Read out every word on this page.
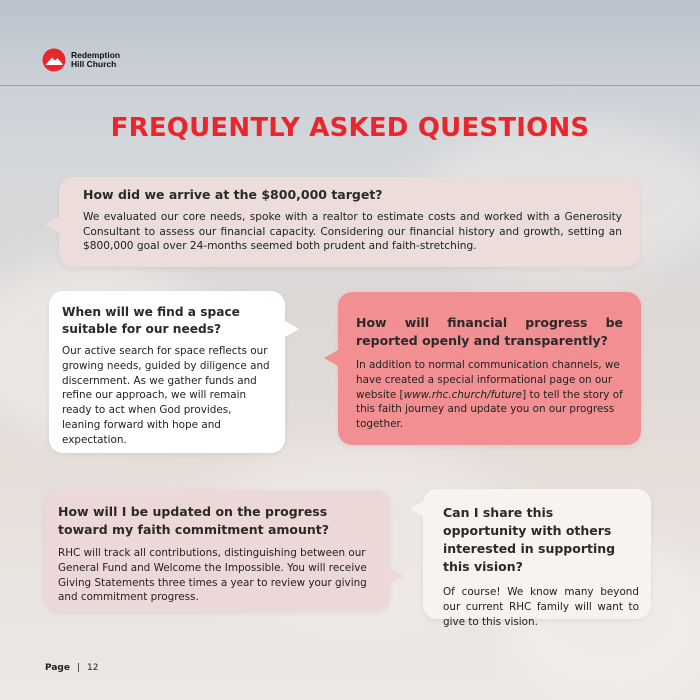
Redemption
Hill Church
FREQUENTLY ASKED QUESTIONS
How did we arrive at the $800,000 target?

We evaluated our core needs, spoke with a realtor to estimate costs and worked with a Generosity Consultant to assess our financial capacity. Considering our financial history and growth, setting an $800,000 goal over 24-months seemed both prudent and faith-stretching.

When will we find a space suitable for our needs?

Our active search for space reflects our growing needs, guided by diligence and discernment. As we gather funds and refine our approach, we will remain ready to act when God provides, leaning forward with hope and expectation.

How will financial progress be reported openly and transparently?

In addition to normal communication channels, we have created a special informational page on our website [www.rhc.church/future] to tell the story of this faith journey and update you on our progress together.

How will I be updated on the progress toward my faith commitment amount?

RHC will track all contributions, distinguishing between our General Fund and Welcome the Impossible. You will receive Giving Statements three times a year to review your giving and commitment progress.

Can I share this opportunity with others interested in supporting this vision?

Of course! We know many beyond our current RHC family will want to give to this vision.

Page | 12
